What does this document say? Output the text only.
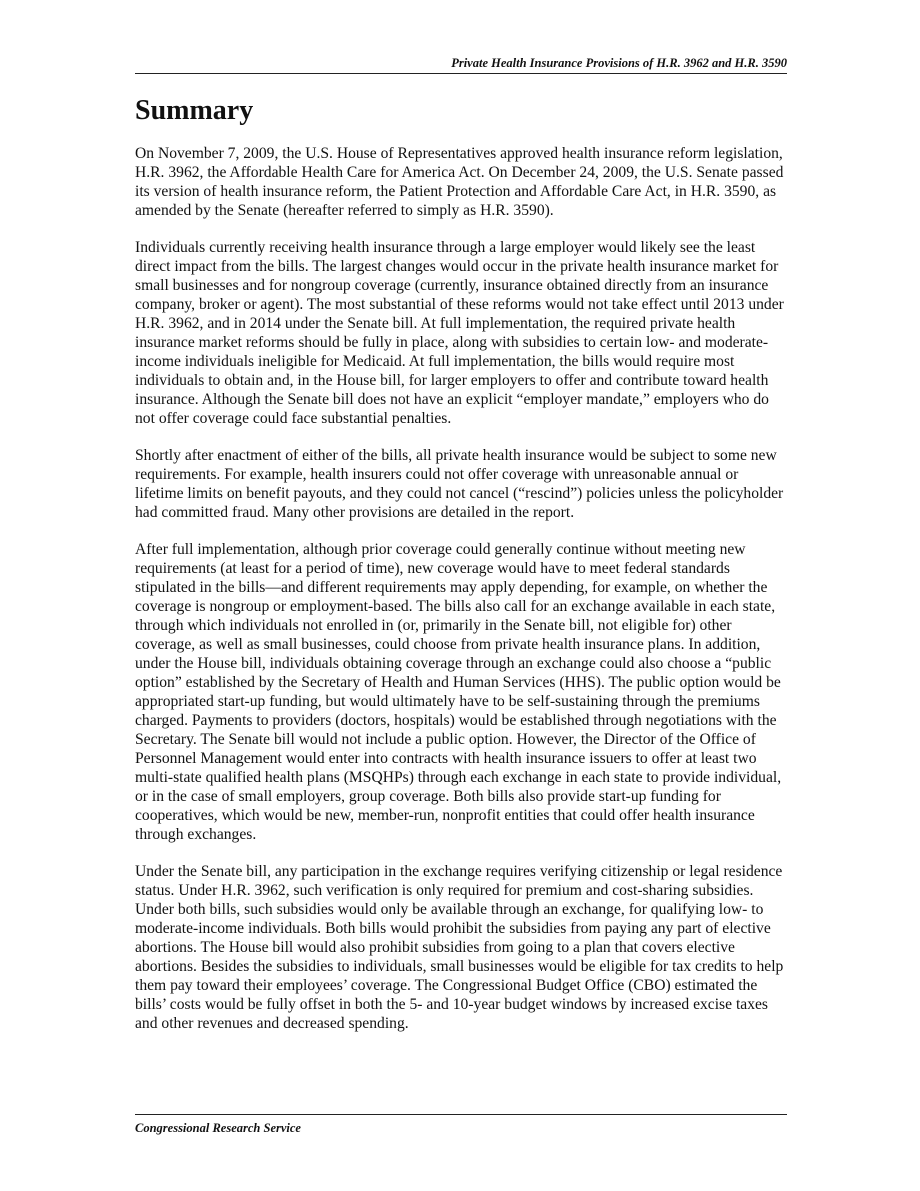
Private Health Insurance Provisions of H.R. 3962 and H.R. 3590
Summary

On November 7, 2009, the U.S. House of Representatives approved health insurance reform legislation, H.R. 3962, the Affordable Health Care for America Act. On December 24, 2009, the U.S. Senate passed its version of health insurance reform, the Patient Protection and Affordable Care Act, in H.R. 3590, as amended by the Senate (hereafter referred to simply as H.R. 3590).

Individuals currently receiving health insurance through a large employer would likely see the least direct impact from the bills. The largest changes would occur in the private health insurance market for small businesses and for nongroup coverage (currently, insurance obtained directly from an insurance company, broker or agent). The most substantial of these reforms would not take effect until 2013 under H.R. 3962, and in 2014 under the Senate bill. At full implementation, the required private health insurance market reforms should be fully in place, along with subsidies to certain low- and moderate-income individuals ineligible for Medicaid. At full implementation, the bills would require most individuals to obtain and, in the House bill, for larger employers to offer and contribute toward health insurance. Although the Senate bill does not have an explicit “employer mandate,” employers who do not offer coverage could face substantial penalties.

Shortly after enactment of either of the bills, all private health insurance would be subject to some new requirements. For example, health insurers could not offer coverage with unreasonable annual or lifetime limits on benefit payouts, and they could not cancel (“rescind”) policies unless the policyholder had committed fraud. Many other provisions are detailed in the report.

After full implementation, although prior coverage could generally continue without meeting new requirements (at least for a period of time), new coverage would have to meet federal standards stipulated in the bills—and different requirements may apply depending, for example, on whether the coverage is nongroup or employment-based. The bills also call for an exchange available in each state, through which individuals not enrolled in (or, primarily in the Senate bill, not eligible for) other coverage, as well as small businesses, could choose from private health insurance plans. In addition, under the House bill, individuals obtaining coverage through an exchange could also choose a “public option” established by the Secretary of Health and Human Services (HHS). The public option would be appropriated start-up funding, but would ultimately have to be self-sustaining through the premiums charged. Payments to providers (doctors, hospitals) would be established through negotiations with the Secretary. The Senate bill would not include a public option. However, the Director of the Office of Personnel Management would enter into contracts with health insurance issuers to offer at least two multi-state qualified health plans (MSQHPs) through each exchange in each state to provide individual, or in the case of small employers, group coverage. Both bills also provide start-up funding for cooperatives, which would be new, member-run, nonprofit entities that could offer health insurance through exchanges.

Under the Senate bill, any participation in the exchange requires verifying citizenship or legal residence status. Under H.R. 3962, such verification is only required for premium and cost-sharing subsidies. Under both bills, such subsidies would only be available through an exchange, for qualifying low- to moderate-income individuals. Both bills would prohibit the subsidies from paying any part of elective abortions. The House bill would also prohibit subsidies from going to a plan that covers elective abortions. Besides the subsidies to individuals, small businesses would be eligible for tax credits to help them pay toward their employees’ coverage. The Congressional Budget Office (CBO) estimated the bills’ costs would be fully offset in both the 5- and 10-year budget windows by increased excise taxes and other revenues and decreased spending.

Congressional Research Service
